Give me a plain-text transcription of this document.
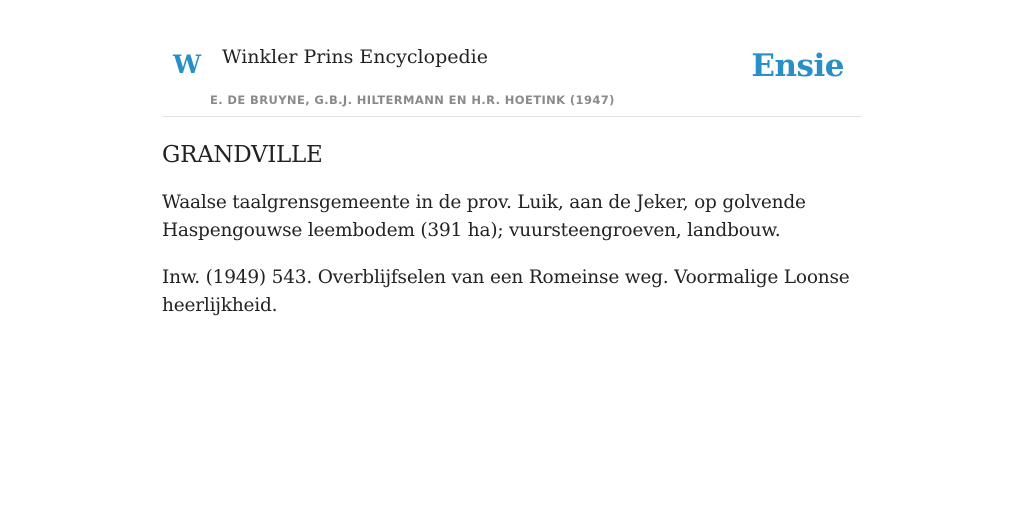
W Winkler Prins Encyclopedie
E. DE BRUYNE, G.B.J. HILTERMANN EN H.R. HOETINK (1947)
Ensie
GRANDVILLE

Waalse taalgrensgemeente in de prov. Luik, aan de Jeker, op golvende Haspengouwse leembodem (391 ha); vuursteengroeven, landbouw.

Inw. (1949) 543. Overblijfselen van een Romeinse weg. Voormalige Loonse heerlijkheid.
